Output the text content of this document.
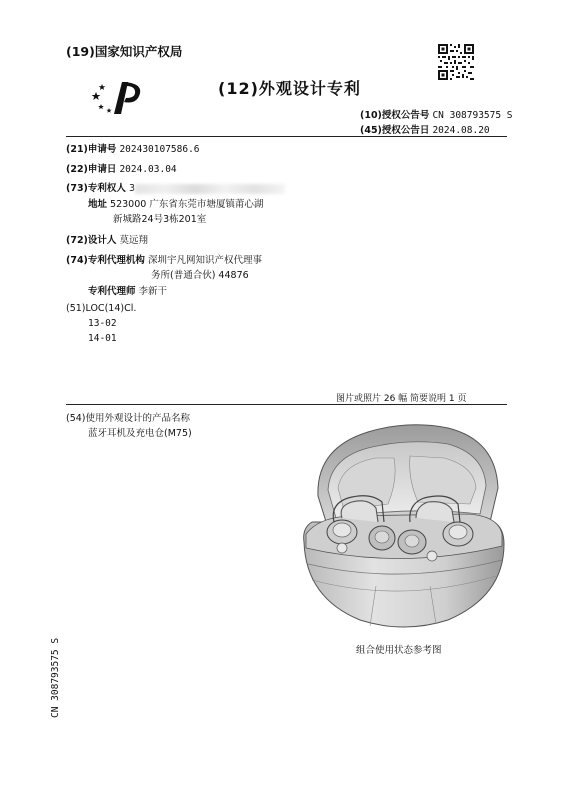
(19)国家知识产权局
(12)外观设计专利
(10)授权公告号 CN 308793575 S
(45)授权公告日 2024.08.20
(21)申请号 202430107586.6
(22)申请日 2024.03.04
(73)专利权人 3
地址 523000 广东省东莞市塘厦镇莆心湖
新城路24号3栋201室
(72)设计人 莫远翔
(74)专利代理机构 深圳宇凡网知识产权代理事
务所(普通合伙) 44876
专利代理师 李新干
(51)LOC(14)Cl.
13-02
14-01
图片或照片 26 幅 简要说明 1 页
(54)使用外观设计的产品名称
蓝牙耳机及充电仓(M75)
组合使用状态参考图
CN 308793575 S
